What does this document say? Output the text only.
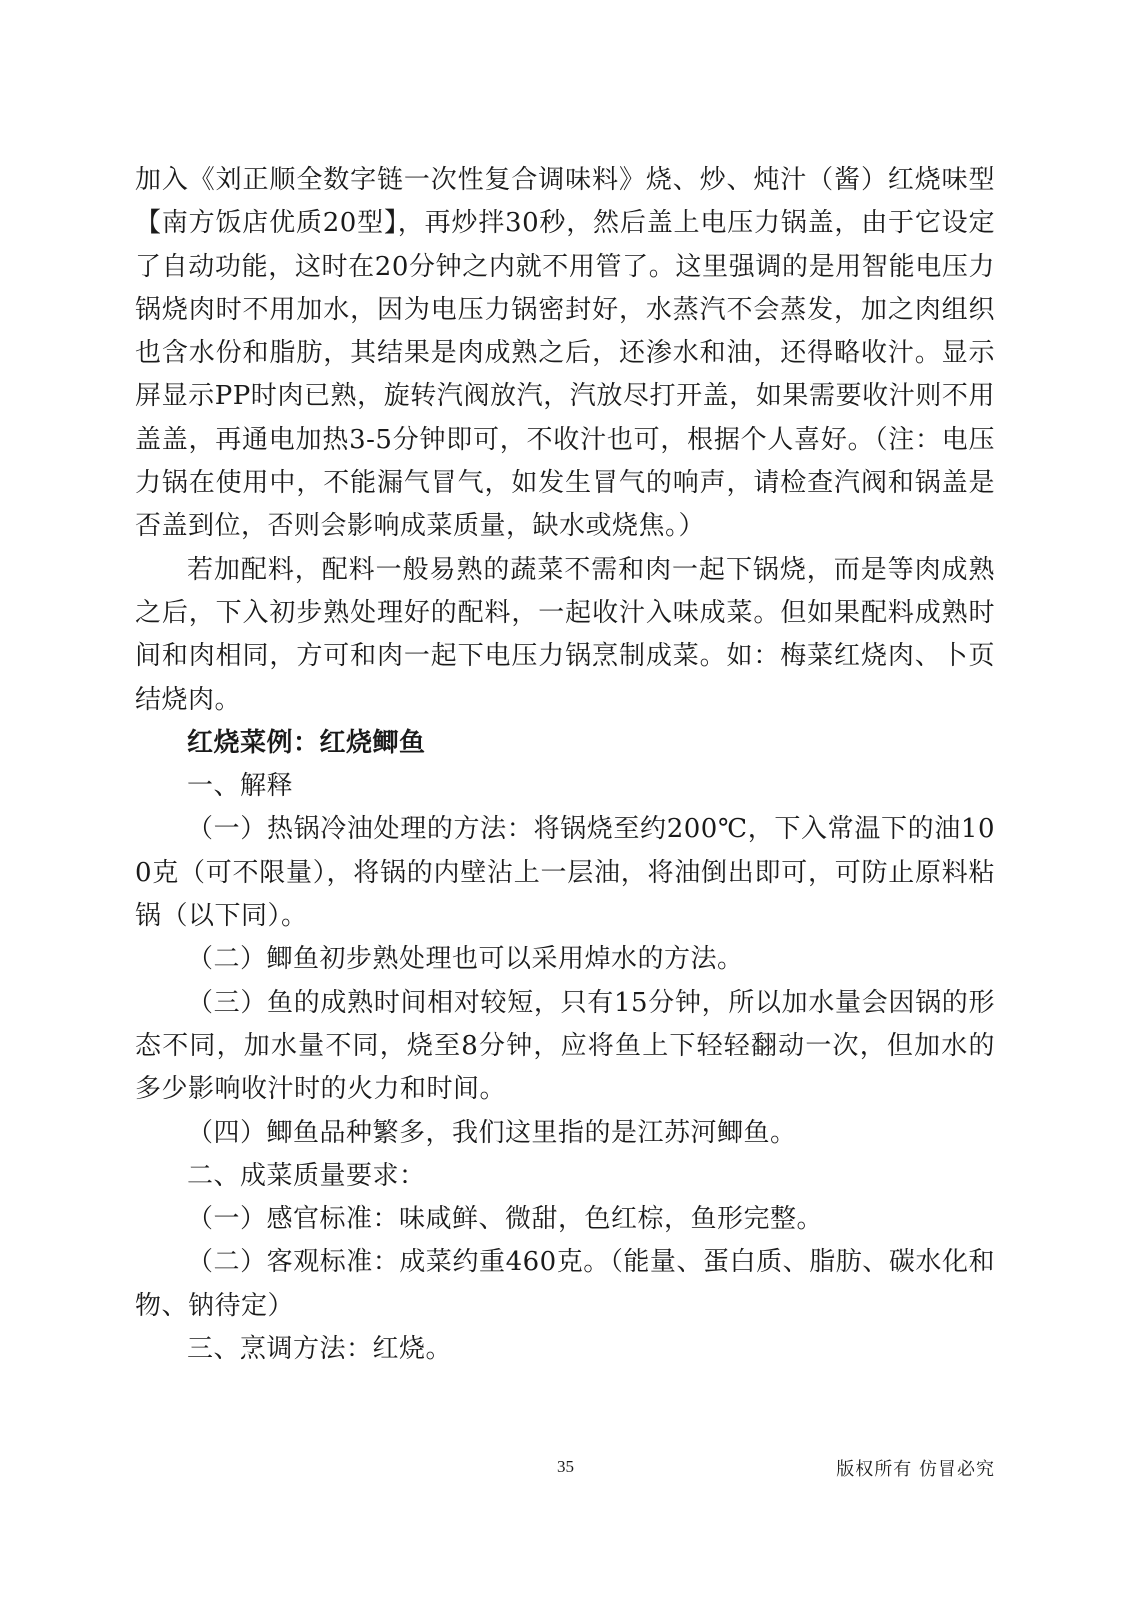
加入《刘正顺全数字链一次性复合调味料》烧、炒、炖汁（酱）红烧味型【南方饭店优质20型】，再炒拌30秒，然后盖上电压力锅盖，由于它设定了自动功能，这时在20分钟之内就不用管了。这里强调的是用智能电压力锅烧肉时不用加水，因为电压力锅密封好，水蒸汽不会蒸发，加之肉组织也含水份和脂肪，其结果是肉成熟之后，还渗水和油，还得略收汁。显示屏显示PP时肉已熟，旋转汽阀放汽，汽放尽打开盖，如果需要收汁则不用盖盖，再通电加热3-5分钟即可，不收汁也可，根据个人喜好。（注：电压力锅在使用中，不能漏气冒气，如发生冒气的响声，请检查汽阀和锅盖是否盖到位，否则会影响成菜质量，缺水或烧焦。）

若加配料，配料一般易熟的蔬菜不需和肉一起下锅烧，而是等肉成熟之后，下入初步熟处理好的配料，一起收汁入味成菜。但如果配料成熟时间和肉相同，方可和肉一起下电压力锅烹制成菜。如：梅菜红烧肉、卜页结烧肉。

红烧菜例：红烧鲫鱼

一、解释

（一）热锅冷油处理的方法：将锅烧至约200℃，下入常温下的油100克（可不限量），将锅的内壁沾上一层油，将油倒出即可，可防止原料粘锅（以下同）。

（二）鲫鱼初步熟处理也可以采用焯水的方法。

（三）鱼的成熟时间相对较短，只有15分钟，所以加水量会因锅的形态不同，加水量不同，烧至8分钟，应将鱼上下轻轻翻动一次，但加水的多少影响收汁时的火力和时间。

（四）鲫鱼品种繁多，我们这里指的是江苏河鲫鱼。

二、成菜质量要求：

（一）感官标准：味咸鲜、微甜，色红棕，鱼形完整。

（二）客观标准：成菜约重460克。（能量、蛋白质、脂肪、碳水化和物、钠待定）

三、烹调方法：红烧。

35	版权所有 仿冒必究
